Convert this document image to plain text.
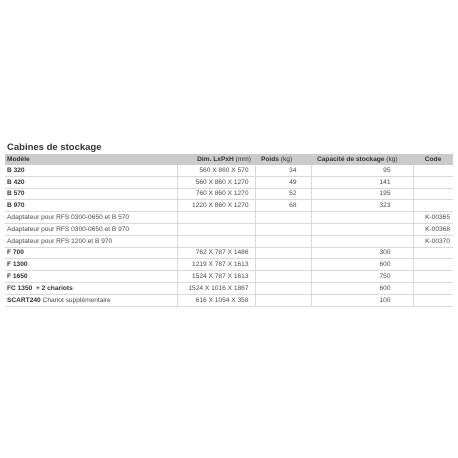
Cabines de stockage
Modèle	Dim. LxPxH (mm)	Poids (kg)	Capacité de stockage (kg)	Code
B 320	560 X 860 X 570	34	95	
B 420	560 X 860 X 1270	49	141	
B 570	760 X 860 X 1270	52	195	
B 970	1220 X 860 X 1270	68	323	
Adaptateur pour RFS 0300-0650 et B 570				K-00365
Adaptateur pour RFS 0300-0650 et B 970				K-00368
Adaptateur pour RFS 1200 et B 970				K-00370
F 700	762 X 787 X 1486		300	
F 1300	1219 X 787 X 1613		600	
F 1650	1524 X 787 X 1613		750	
FC 1350  + 2 chariots	1524 X 1016 X 1867		600	
SCART240 Chariot supplémentaire	616 X 1054 X 358		100	
